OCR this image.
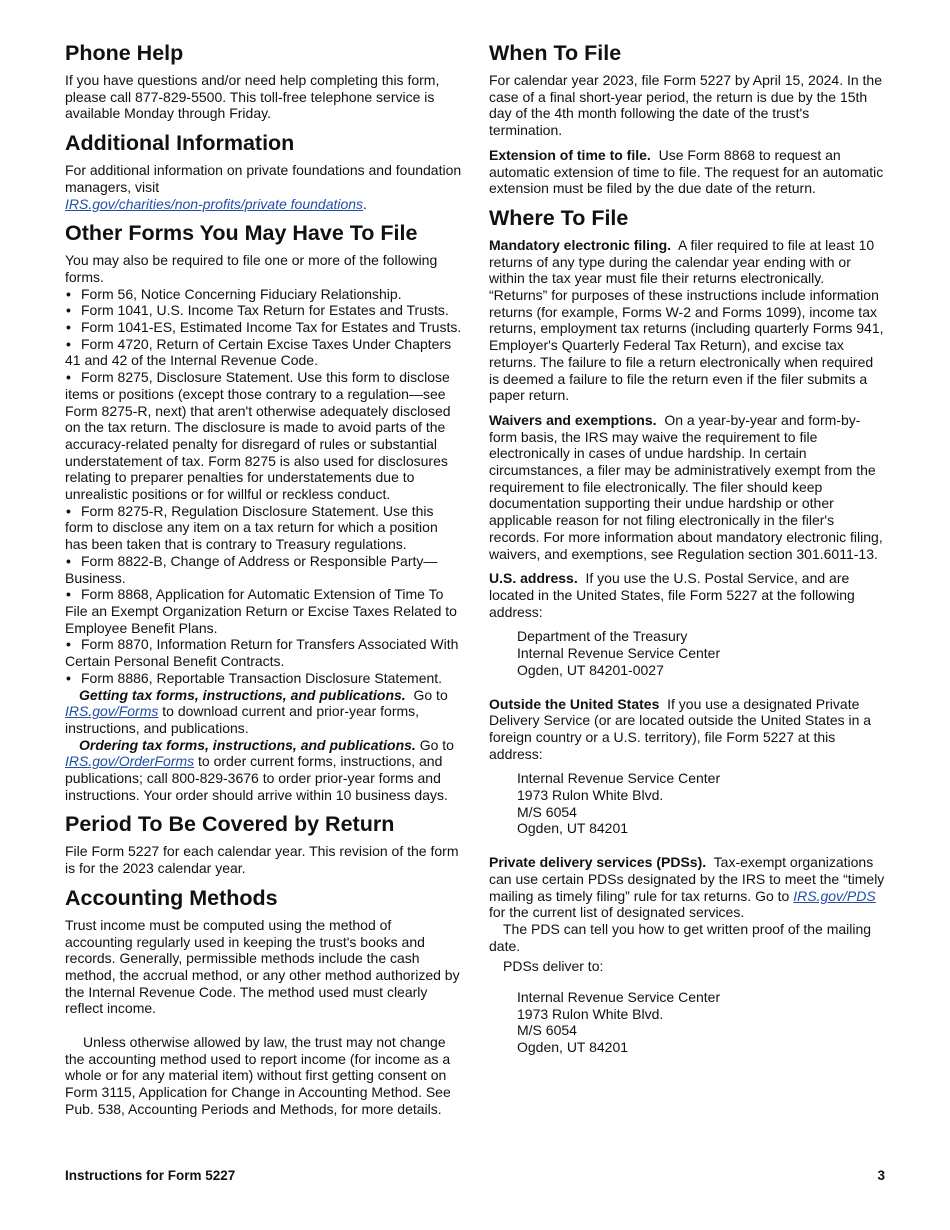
Phone Help

If you have questions and/or need help completing this form, please call 877-829-5500. This toll-free telephone service is available Monday through Friday.

Additional Information

For additional information on private foundations and foundation managers, visit
IRS.gov/charities/non-profits/private foundations.

Other Forms You May Have To File

You may also be required to file one or more of the following forms.

• Form 56, Notice Concerning Fiduciary Relationship.
• Form 1041, U.S. Income Tax Return for Estates and Trusts.
• Form 1041-ES, Estimated Income Tax for Estates and Trusts.
• Form 4720, Return of Certain Excise Taxes Under Chapters 41 and 42 of the Internal Revenue Code.
• Form 8275, Disclosure Statement. Use this form to disclose items or positions (except those contrary to a regulation—see Form 8275-R, next) that aren't otherwise adequately disclosed on the tax return. The disclosure is made to avoid parts of the accuracy-related penalty for disregard of rules or substantial understatement of tax. Form 8275 is also used for disclosures relating to preparer penalties for understatements due to unrealistic positions or for willful or reckless conduct.
• Form 8275-R, Regulation Disclosure Statement. Use this form to disclose any item on a tax return for which a position has been taken that is contrary to Treasury regulations.
• Form 8822-B, Change of Address or Responsible Party—Business.
• Form 8868, Application for Automatic Extension of Time To File an Exempt Organization Return or Excise Taxes Related to Employee Benefit Plans.
• Form 8870, Information Return for Transfers Associated With Certain Personal Benefit Contracts.
• Form 8886, Reportable Transaction Disclosure Statement.

Getting tax forms, instructions, and publications. Go to IRS.gov/Forms to download current and prior-year forms, instructions, and publications.

Ordering tax forms, instructions, and publications. Go to IRS.gov/OrderForms to order current forms, instructions, and publications; call 800-829-3676 to order prior-year forms and instructions. Your order should arrive within 10 business days.

Period To Be Covered by Return

File Form 5227 for each calendar year. This revision of the form is for the 2023 calendar year.

Accounting Methods

Trust income must be computed using the method of accounting regularly used in keeping the trust's books and records. Generally, permissible methods include the cash method, the accrual method, or any other method authorized by the Internal Revenue Code. The method used must clearly reflect income.

Unless otherwise allowed by law, the trust may not change the accounting method used to report income (for income as a whole or for any material item) without first getting consent on Form 3115, Application for Change in Accounting Method. See Pub. 538, Accounting Periods and Methods, for more details.

When To File

For calendar year 2023, file Form 5227 by April 15, 2024. In the case of a final short-year period, the return is due by the 15th day of the 4th month following the date of the trust's termination.

Extension of time to file. Use Form 8868 to request an automatic extension of time to file. The request for an automatic extension must be filed by the due date of the return.

Where To File

Mandatory electronic filing. A filer required to file at least 10 returns of any type during the calendar year ending with or within the tax year must file their returns electronically. “Returns” for purposes of these instructions include information returns (for example, Forms W-2 and Forms 1099), income tax returns, employment tax returns (including quarterly Forms 941, Employer's Quarterly Federal Tax Return), and excise tax returns. The failure to file a return electronically when required is deemed a failure to file the return even if the filer submits a paper return.

Waivers and exemptions. On a year-by-year and form-by-form basis, the IRS may waive the requirement to file electronically in cases of undue hardship. In certain circumstances, a filer may be administratively exempt from the requirement to file electronically. The filer should keep documentation supporting their undue hardship or other applicable reason for not filing electronically in the filer's records. For more information about mandatory electronic filing, waivers, and exemptions, see Regulation section 301.6011-13.

U.S. address. If you use the U.S. Postal Service, and are located in the United States, file Form 5227 at the following address:

Department of the Treasury
Internal Revenue Service Center
Ogden, UT 84201-0027

Outside the United States If you use a designated Private Delivery Service (or are located outside the United States in a foreign country or a U.S. territory), file Form 5227 at this address:

Internal Revenue Service Center
1973 Rulon White Blvd.
M/S 6054
Ogden, UT 84201

Private delivery services (PDSs). Tax-exempt organizations can use certain PDSs designated by the IRS to meet the “timely mailing as timely filing” rule for tax returns. Go to IRS.gov/PDS for the current list of designated services.

The PDS can tell you how to get written proof of the mailing date.

PDSs deliver to:

Internal Revenue Service Center
1973 Rulon White Blvd.
M/S 6054
Ogden, UT 84201
Instructions for Form 5227	3
